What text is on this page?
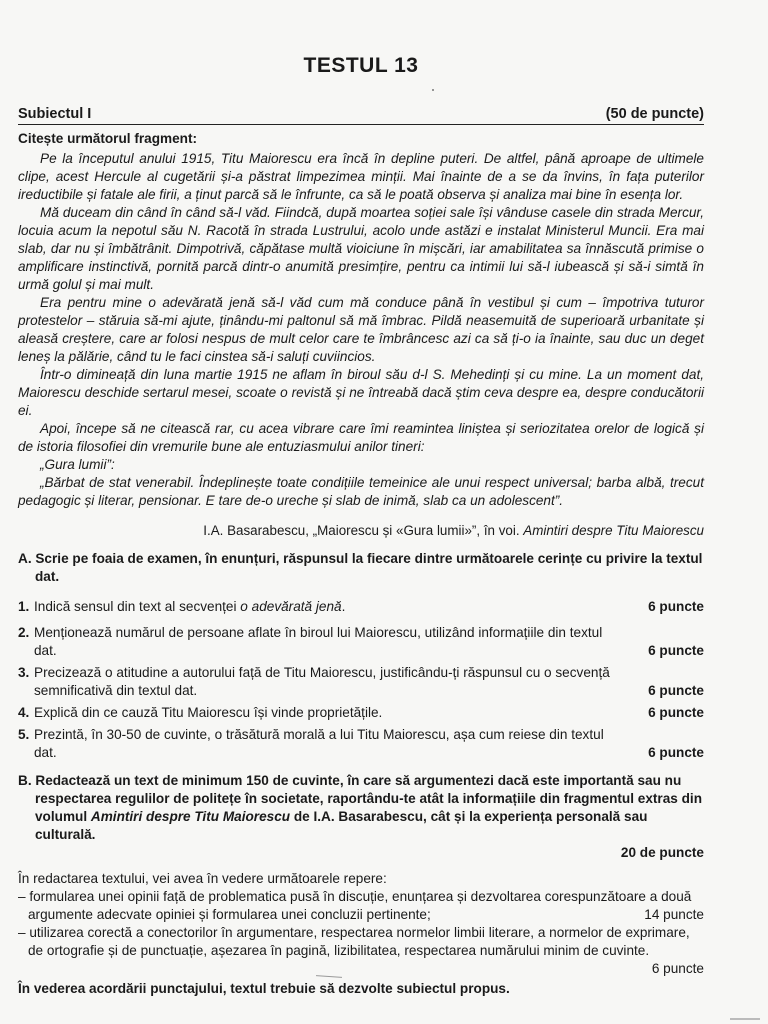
TESTUL 13
Subiectul I	(50 de puncte)

Citește următorul fragment:

Pe la începutul anului 1915, Titu Maiorescu era încă în depline puteri. De altfel, până aproape de ultimele clipe, acest Hercule al cugetării și-a păstrat limpezimea minții. Mai înainte de a se da învins, în fața puterilor ireductibile și fatale ale firii, a ținut parcă să le înfrunte, ca să le poată observa și analiza mai bine în esența lor.

Mă duceam din când în când să-l văd. Fiindcă, după moartea soției sale își vânduse casele din strada Mercur, locuia acum la nepotul său N. Racotă în strada Lustrului, acolo unde astăzi e instalat Ministerul Muncii. Era mai slab, dar nu și îmbătrânit. Dimpotrivă, căpătase multă vioiciune în mișcări, iar amabilitatea sa înnăscută primise o amplificare instinctivă, pornită parcă dintr-o anumită presimțire, pentru ca intimii lui să-l iubească și să-i simtă în urmă golul și mai mult.

Era pentru mine o adevărată jenă să-l văd cum mă conduce până în vestibul și cum – împotriva tuturor protestelor – stăruia să-mi ajute, ținându-mi paltonul să mă îmbrac. Pildă neasemuită de superioară urbanitate și aleasă creștere, care ar folosi nespus de mult celor care te îmbrâncesc azi ca să ți-o ia înainte, sau duc un deget leneș la pălărie, când tu le faci cinstea să-i saluți cuviincios.

Într-o dimineață din luna martie 1915 ne aflam în biroul său d-l S. Mehedinți și cu mine. La un moment dat, Maiorescu deschide sertarul mesei, scoate o revistă și ne întreabă dacă știm ceva despre ea, despre conducătorii ei.

Apoi, începe să ne citească rar, cu acea vibrare care îmi reamintea liniștea și seriozitatea orelor de logică și de istoria filosofiei din vremurile bune ale entuziasmului anilor tineri:

„Gura lumii”:

„Bărbat de stat venerabil. Îndeplinește toate condițiile temeinice ale unui respect universal; barba albă, trecut pedagogic și literar, pensionar. E tare de-o ureche și slab de inimă, slab ca un adolescent”.

I.A. Basarabescu, „Maiorescu și «Gura lumii»”, în voi. Amintiri despre Titu Maiorescu
A. Scrie pe foaia de examen, în enunțuri, răspunsul la fiecare dintre următoarele cerințe cu privire la textul dat.
1. Indică sensul din text al secvenței o adevărată jenă.	6 puncte
2. Menționează numărul de persoane aflate în biroul lui Maiorescu, utilizând informațiile din textul dat.	6 puncte
3. Precizează o atitudine a autorului față de Titu Maiorescu, justificându-ți răspunsul cu o secvență semnificativă din textul dat.	6 puncte
4. Explică din ce cauză Titu Maiorescu își vinde proprietățile.	6 puncte
5. Prezintă, în 30-50 de cuvinte, o trăsătură morală a lui Titu Maiorescu, așa cum reiese din textul dat.	6 puncte
B. Redactează un text de minimum 150 de cuvinte, în care să argumentezi dacă este importantă sau nu respectarea regulilor de politețe în societate, raportându-te atât la informațiile din fragmentul extras din volumul Amintiri despre Titu Maiorescu de I.A. Basarabescu, cât și la experiența personală sau culturală.
20 de puncte
În redactarea textului, vei avea în vedere următoarele repere:
– formularea unei opinii față de problematica pusă în discuție, enunțarea și dezvoltarea corespunzătoare a două argumente adecvate opiniei și formularea unei concluzii pertinente;	14 puncte
– utilizarea corectă a conectorilor în argumentare, respectarea normelor limbii literare, a normelor de exprimare, de ortografie și de punctuație, așezarea în pagină, lizibilitatea, respectarea numărului minim de cuvinte.
6 puncte
În vederea acordării punctajului, textul trebuie să dezvolte subiectul propus.
